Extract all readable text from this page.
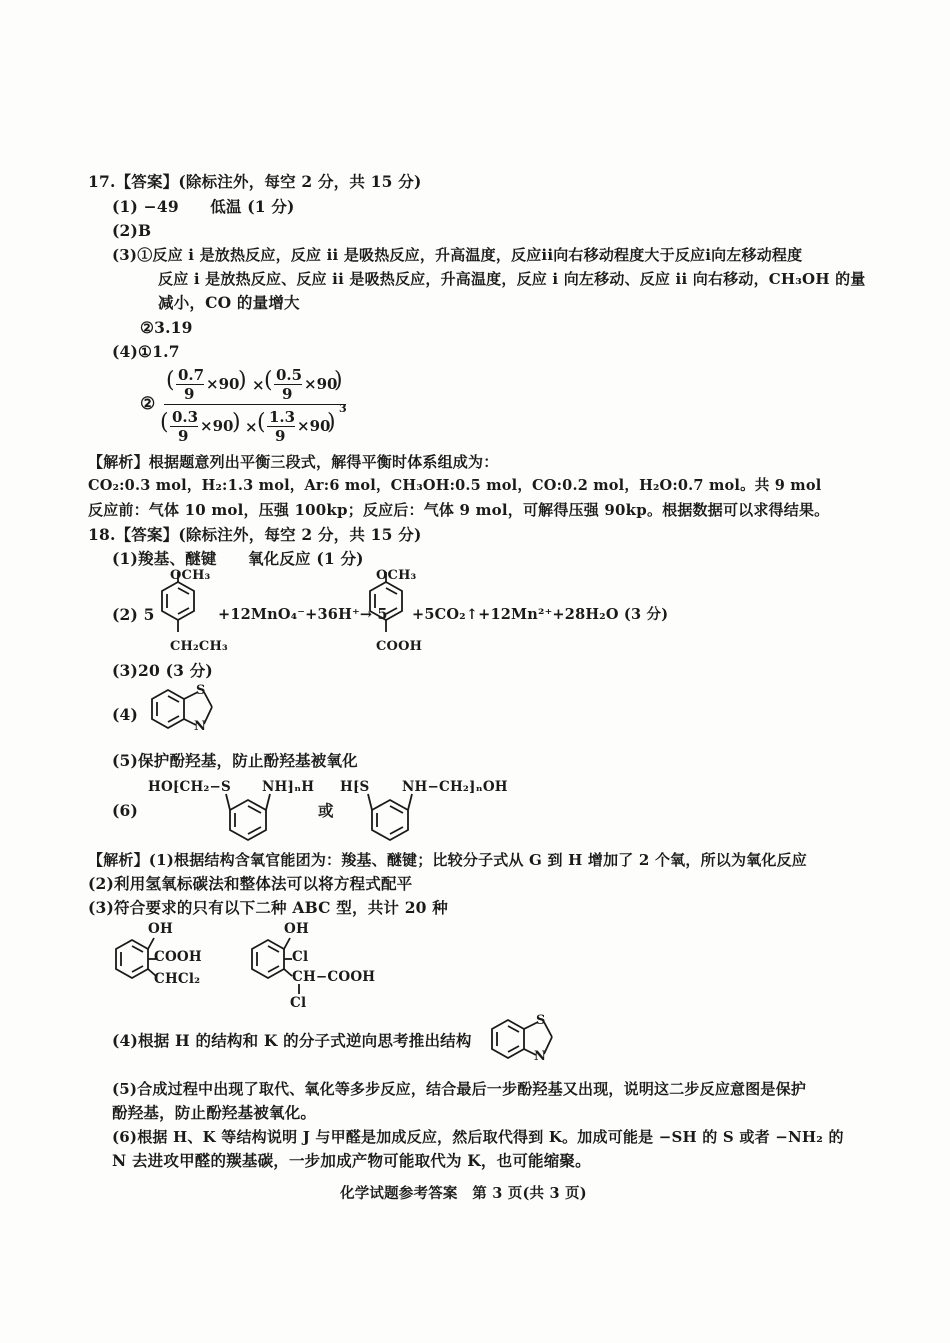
17.【答案】(除标注外，每空 2 分，共 15 分)
(1) −49　　低温 (1 分)
(2)B
(3)①反应 i 是放热反应，反应 ii 是吸热反应，升高温度，反应ii向右移动程度大于反应i向左移动程度
反应 i 是放热反应、反应 ii 是吸热反应，升高温度，反应 i 向左移动、反应 ii 向右移动，CH₃OH 的量
减小，CO 的量增大
②3.19
(4)①1.7
②
( 0.7
9
×90
) × ( 0.5
9
×90
)
( 0.3
9
×90
) × ( 1.3
9
×90
)
3
【解析】根据题意列出平衡三段式，解得平衡时体系组成为：
CO₂:0.3 mol，H₂:1.3 mol，Ar:6 mol，CH₃OH:0.5 mol，CO:0.2 mol，H₂O:0.7 mol。共 9 mol
反应前：气体 10 mol，压强 100kp；反应后：气体 9 mol，可解得压强 90kp。根据数据可以求得结果。
18.【答案】(除标注外，每空 2 分，共 15 分)
(1)羧基、醚键　　氧化反应 (1 分)
(2) 5
OCH₃
CH₂CH₃
+12MnO₄⁻+36H⁺→ 5
OCH₃
COOH
+5CO₂↑+12Mn²⁺+28H₂O (3 分)
(3)20 (3 分)
(4)
S
N
(5)保护酚羟基，防止酚羟基被氧化
(6)
HO⁅CH₂−S NH⁆ₙH
或
H⁅S NH−CH₂⁆ₙOH
【解析】(1)根据结构含氧官能团为：羧基、醚键；比较分子式从 G 到 H 增加了 2 个氧，所以为氧化反应
(2)利用氢氧标碳法和整体法可以将方程式配平
(3)符合要求的只有以下二种 ABC 型，共计 20 种
OH
COOH
CHCl₂
OH
Cl
CH−COOH
Cl
(4)根据 H 的结构和 K 的分子式逆向思考推出结构
S
N
(5)合成过程中出现了取代、氧化等多步反应，结合最后一步酚羟基又出现，说明这二步反应意图是保护
酚羟基，防止酚羟基被氧化。
(6)根据 H、K 等结构说明 J 与甲醛是加成反应，然后取代得到 K。加成可能是 −SH 的 S 或者 −NH₂ 的
N 去进攻甲醛的羰基碳，一步加成产物可能取代为 K，也可能缩聚。
化学试题参考答案　第 3 页(共 3 页)
